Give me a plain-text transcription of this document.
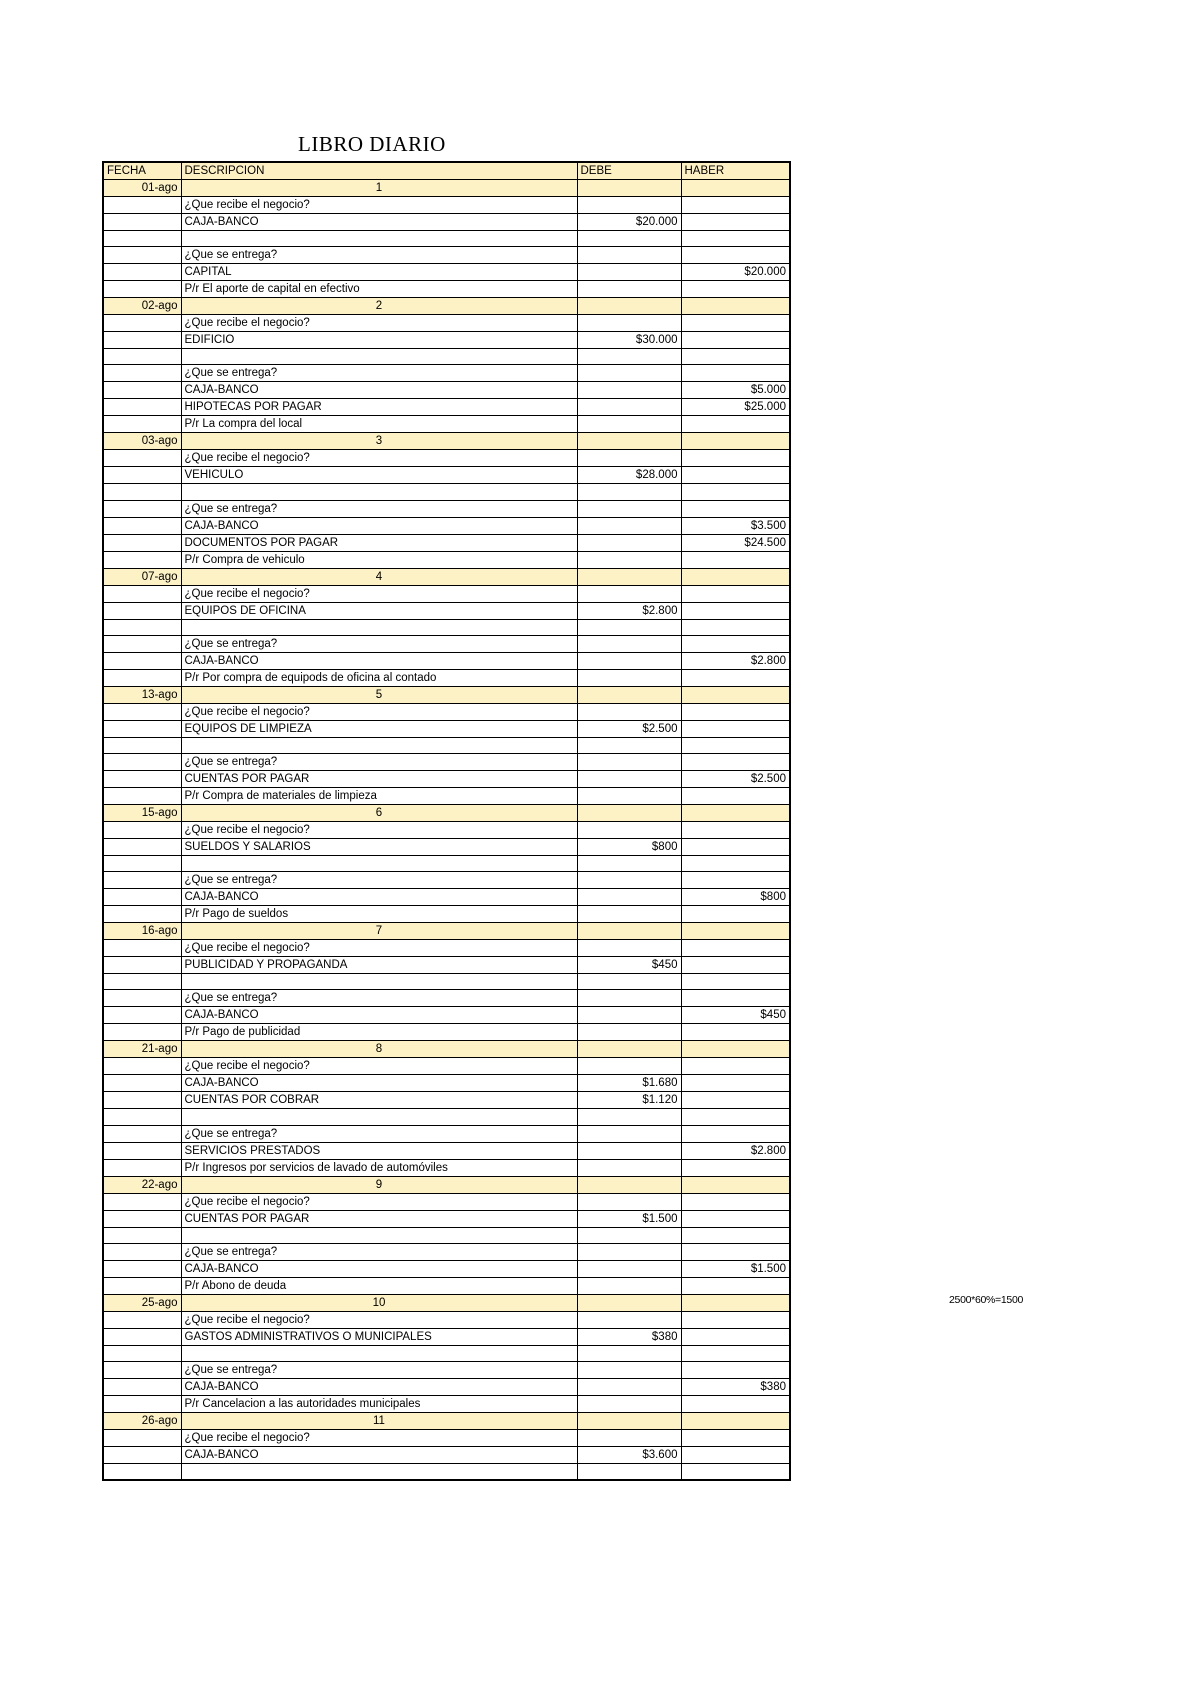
LIBRO DIARIO
FECHA	DESCRIPCION	DEBE	HABER
01-ago	1		
	¿Que recibe el negocio?		
	CAJA-BANCO	$20.000	

	¿Que se entrega?		
	CAPITAL		$20.000
	P/r El aporte de capital en efectivo		
02-ago	2		
	¿Que recibe el negocio?		
	EDIFICIO	$30.000	

	¿Que se entrega?		
	CAJA-BANCO		$5.000
	HIPOTECAS POR PAGAR		$25.000
	P/r La compra del local		
03-ago	3		
	¿Que recibe el negocio?		
	VEHICULO	$28.000	

	¿Que se entrega?		
	CAJA-BANCO		$3.500
	DOCUMENTOS POR PAGAR		$24.500
	P/r Compra de vehiculo		
07-ago	4		
	¿Que recibe el negocio?		
	EQUIPOS DE OFICINA	$2.800	

	¿Que se entrega?		
	CAJA-BANCO		$2.800
	P/r Por compra de equipods de oficina al contado		
13-ago	5		
	¿Que recibe el negocio?		
	EQUIPOS DE LIMPIEZA	$2.500	

	¿Que se entrega?		
	CUENTAS POR PAGAR		$2.500
	P/r Compra de materiales de limpieza		
15-ago	6		
	¿Que recibe el negocio?		
	SUELDOS Y SALARIOS	$800	

	¿Que se entrega?		
	CAJA-BANCO		$800
	P/r Pago de sueldos		
16-ago	7		
	¿Que recibe el negocio?		
	PUBLICIDAD Y PROPAGANDA	$450	

	¿Que se entrega?		
	CAJA-BANCO		$450
	P/r Pago de publicidad		
21-ago	8		
	¿Que recibe el negocio?		
	CAJA-BANCO	$1.680	
	CUENTAS POR COBRAR	$1.120	

	¿Que se entrega?		
	SERVICIOS PRESTADOS		$2.800
	P/r Ingresos por servicios de lavado de automóviles		
22-ago	9		
	¿Que recibe el negocio?		
	CUENTAS POR PAGAR	$1.500	

	¿Que se entrega?		
	CAJA-BANCO		$1.500
	P/r Abono de deuda		
25-ago	10		
	¿Que recibe el negocio?		
	GASTOS ADMINISTRATIVOS O MUNICIPALES	$380	

	¿Que se entrega?		
	CAJA-BANCO		$380
	P/r Cancelacion a las autoridades municipales		
26-ago	11		
	¿Que recibe el negocio?		
	CAJA-BANCO	$3.600	

2500*60%=1500
